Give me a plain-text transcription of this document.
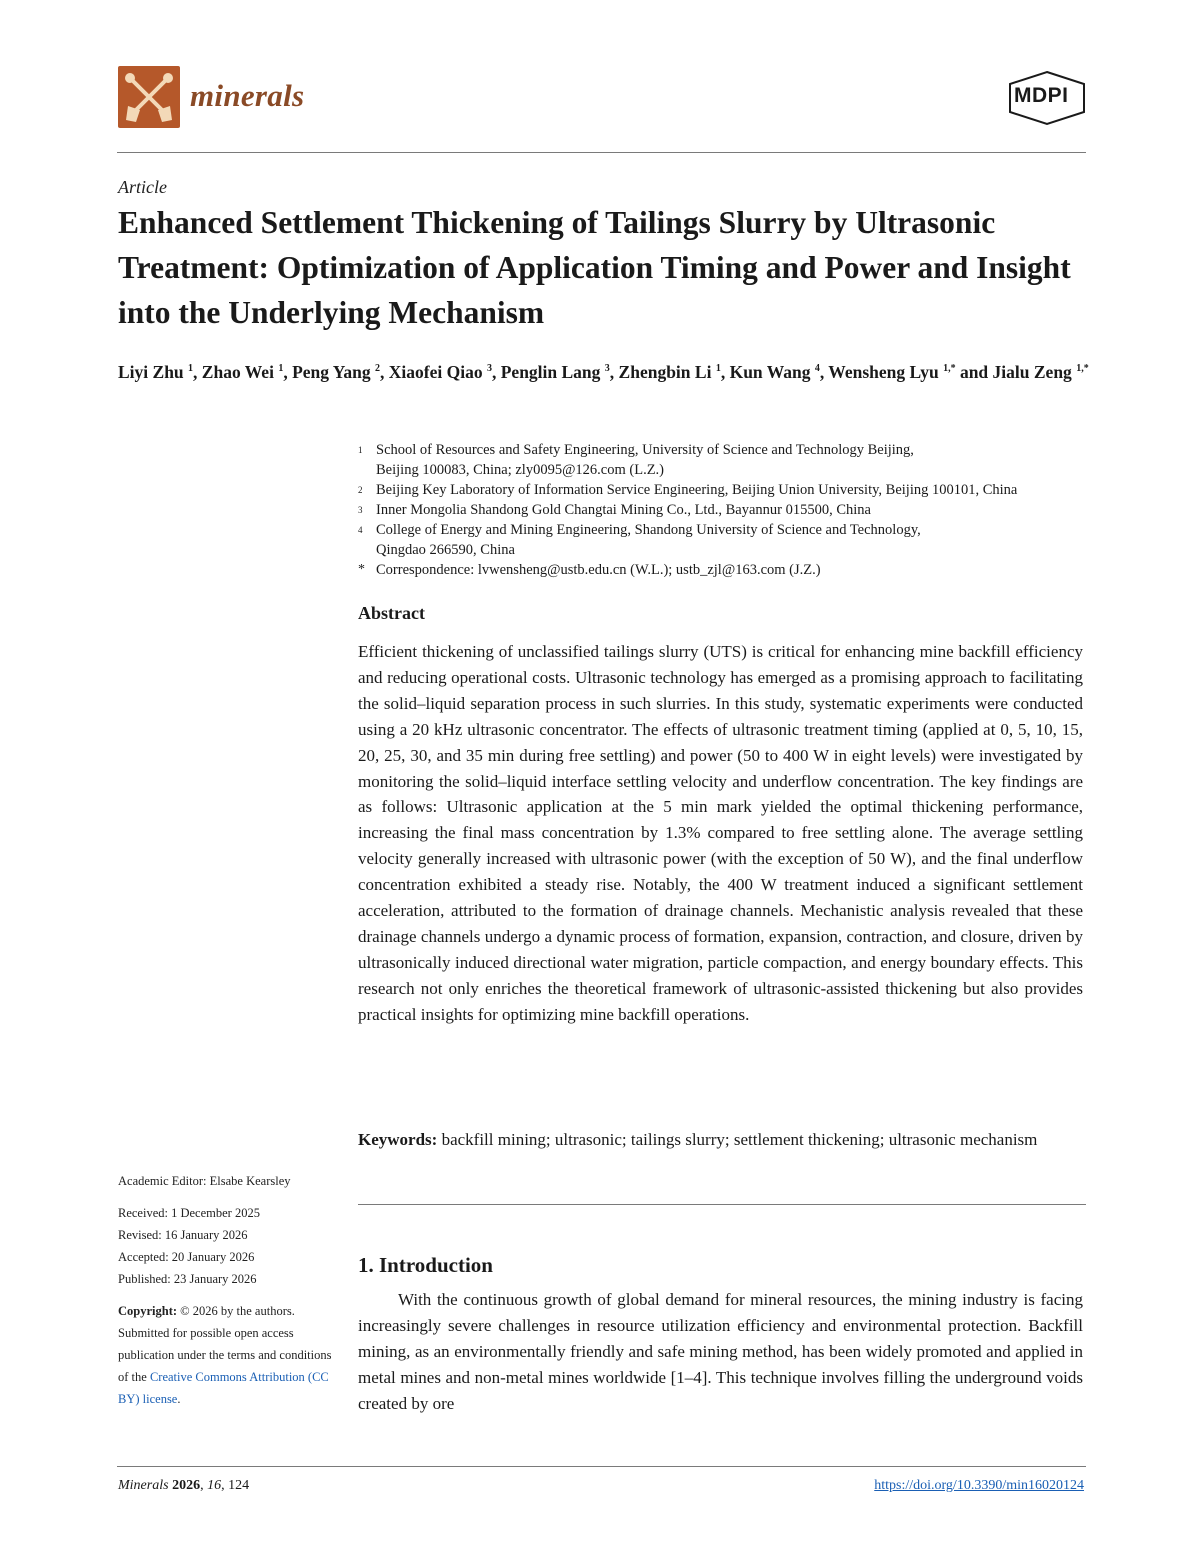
minerals	MDPI
Article
Enhanced Settlement Thickening of Tailings Slurry by Ultrasonic Treatment: Optimization of Application Timing and Power and Insight into the Underlying Mechanism
Liyi Zhu $^1$, Zhao Wei $^1$, Peng Yang $^2$, Xiaofei Qiao $^3$, Penglin Lang $^3$, Zhengbin Li $^1$, Kun Wang $^4$, Wensheng Lyu $^{1,*}$ and Jialu Zeng $^{1,*}$
1 School of Resources and Safety Engineering, University of Science and Technology Beijing,
Beijing 100083, China; zly0095@126.com (L.Z.)
2 Beijing Key Laboratory of Information Service Engineering, Beijing Union University, Beijing 100101, China
3 Inner Mongolia Shandong Gold Changtai Mining Co., Ltd., Bayannur 015500, China
4 College of Energy and Mining Engineering, Shandong University of Science and Technology,
Qingdao 266590, China
* Correspondence: lvwensheng@ustb.edu.cn (W.L.); ustb_zjl@163.com (J.Z.)
Abstract
Efficient thickening of unclassified tailings slurry (UTS) is critical for enhancing mine backfill efficiency and reducing operational costs. Ultrasonic technology has emerged as a promising approach to facilitating the solid–liquid separation process in such slurries. In this study, systematic experiments were conducted using a 20 kHz ultrasonic concentrator. The effects of ultrasonic treatment timing (applied at 0, 5, 10, 15, 20, 25, 30, and 35 min during free settling) and power (50 to 400 W in eight levels) were investigated by monitoring the solid–liquid interface settling velocity and underflow concentration. The key findings are as follows: Ultrasonic application at the 5 min mark yielded the optimal thickening performance, increasing the final mass concentration by 1.3% compared to free settling alone. The average settling velocity generally increased with ultrasonic power (with the exception of 50 W), and the final underflow concentration exhibited a steady rise. Notably, the 400 W treatment induced a significant settlement acceleration, attributed to the formation of drainage channels. Mechanistic analysis revealed that these drainage channels undergo a dynamic process of formation, expansion, contraction, and closure, driven by ultrasonically induced directional water migration, particle compaction, and energy boundary effects. This research not only enriches the theoretical framework of ultrasonic-assisted thickening but also provides practical insights for optimizing mine backfill operations.
Keywords: backfill mining; ultrasonic; tailings slurry; settlement thickening; ultrasonic mechanism
Academic Editor: Elsabe Kearsley
Received: 1 December 2025
Revised: 16 January 2026
Accepted: 20 January 2026
Published: 23 January 2026
Copyright: © 2026 by the authors. Submitted for possible open access publication under the terms and conditions of the Creative Commons Attribution (CC BY) license.
1. Introduction
With the continuous growth of global demand for mineral resources, the mining industry is facing increasingly severe challenges in resource utilization efficiency and environmental protection. Backfill mining, as an environmentally friendly and safe mining method, has been widely promoted and applied in metal mines and non-metal mines worldwide [1–4]. This technique involves filling the underground voids created by ore
Minerals 2026, 16, 124	https://doi.org/10.3390/min16020124
